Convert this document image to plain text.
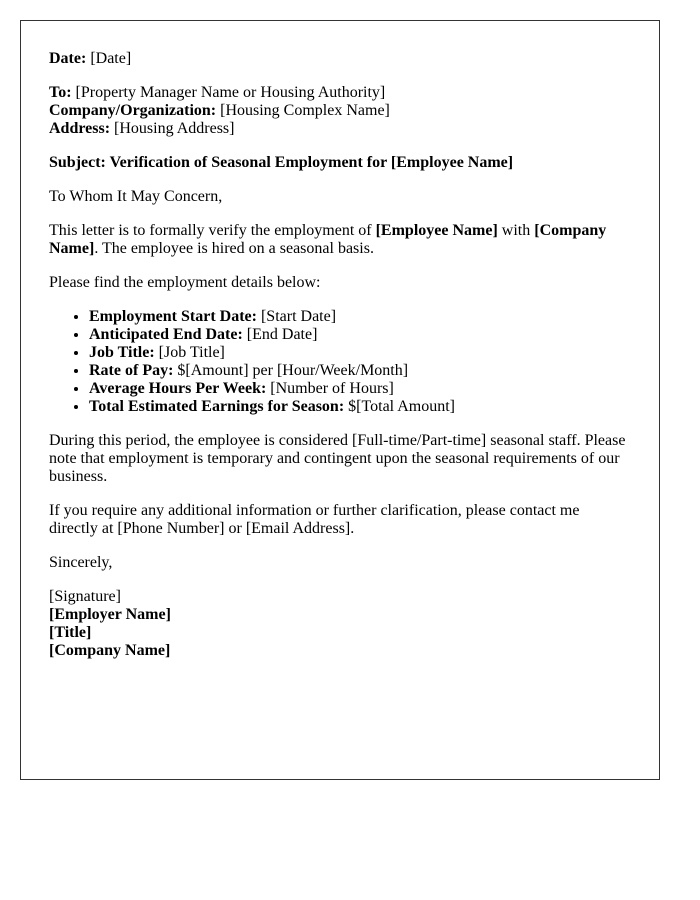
Date: [Date]

To: [Property Manager Name or Housing Authority]
Company/Organization: [Housing Complex Name]
Address: [Housing Address]

Subject: Verification of Seasonal Employment for [Employee Name]

To Whom It May Concern,

This letter is to formally verify the employment of [Employee Name] with [Company Name]. The employee is hired on a seasonal basis.

Please find the employment details below:

• Employment Start Date: [Start Date]
• Anticipated End Date: [End Date]
• Job Title: [Job Title]
• Rate of Pay: $[Amount] per [Hour/Week/Month]
• Average Hours Per Week: [Number of Hours]
• Total Estimated Earnings for Season: $[Total Amount]

During this period, the employee is considered [Full-time/Part-time] seasonal staff. Please note that employment is temporary and contingent upon the seasonal requirements of our business.

If you require any additional information or further clarification, please contact me directly at [Phone Number] or [Email Address].

Sincerely,

[Signature]

[Employer Name]

[Title]

[Company Name]
